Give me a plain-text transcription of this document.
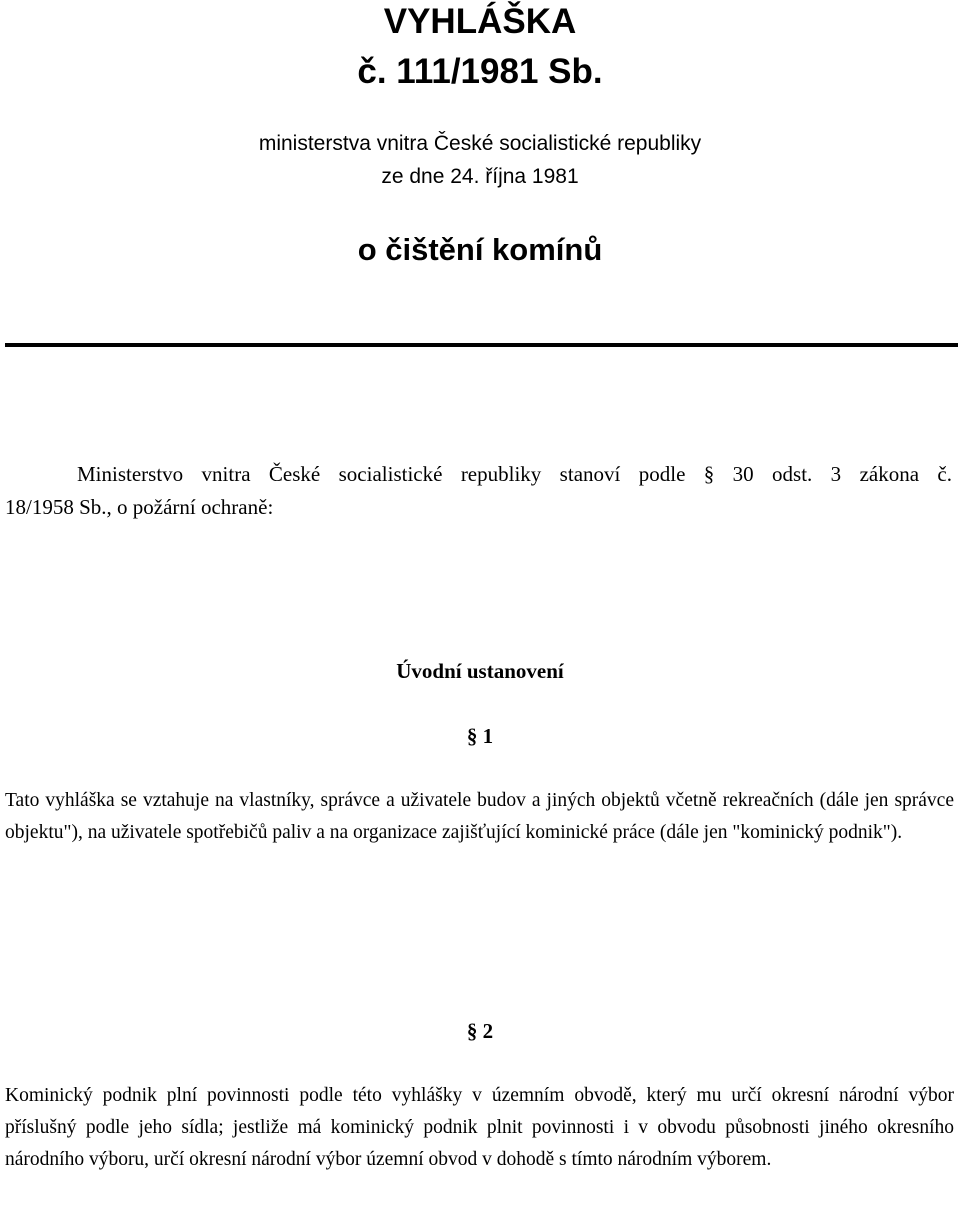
VYHLÁŠKA
č. 111/1981 Sb.
ministerstva vnitra České socialistické republiky
ze dne 24. října 1981
o čištění komínů
Ministerstvo vnitra České socialistické republiky stanoví podle § 30 odst. 3 zákona č.
18/1958 Sb., o požární ochraně:
Úvodní ustanovení
§ 1
Tato vyhláška se vztahuje na vlastníky, správce a uživatele budov a jiných objektů včetně rekreačních (dále jen správce objektu"), na uživatele spotřebičů paliv a na organizace zajišťující kominické práce (dále jen "kominický podnik").
§ 2
Kominický podnik plní povinnosti podle této vyhlášky v územním obvodě, který mu určí okresní národní výbor příslušný podle jeho sídla; jestliže má kominický podnik plnit povinnosti i v obvodu působnosti jiného okresního národního výboru, určí okresní národní výbor územní obvod v dohodě s tímto národním výborem.
